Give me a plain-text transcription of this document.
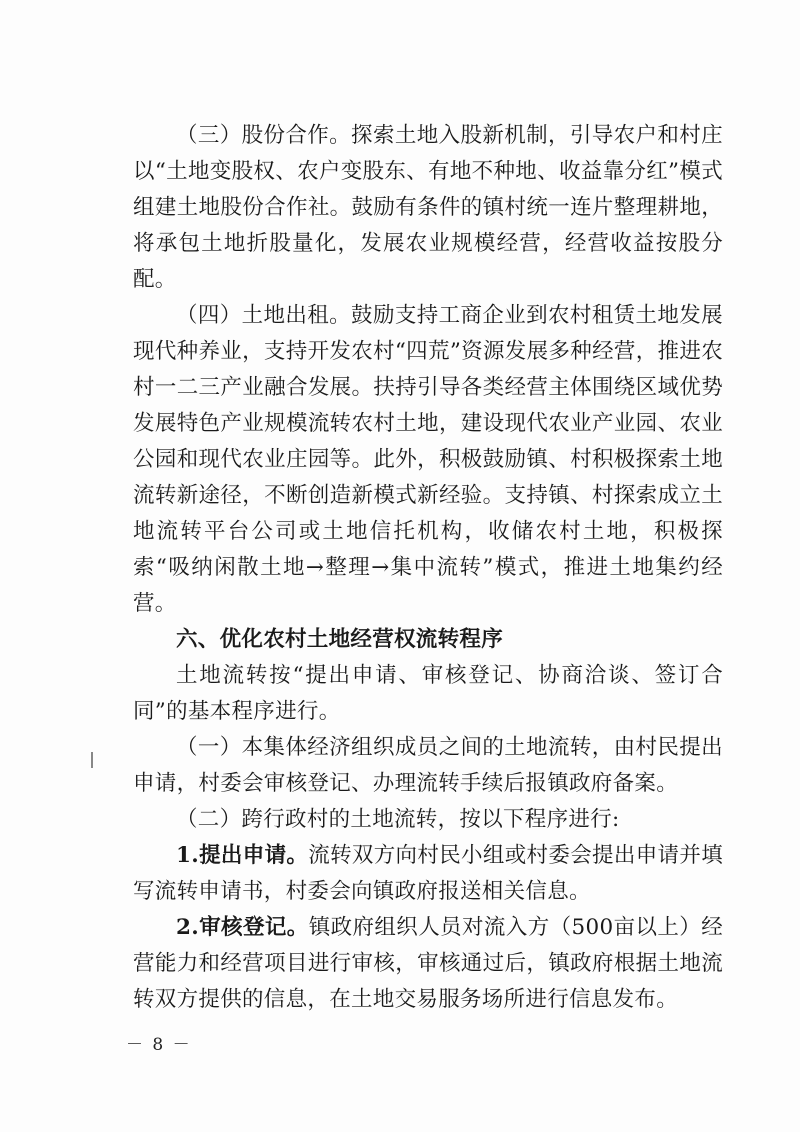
（三）股份合作。探索土地入股新机制，引导农户和村庄以“土地变股权、农户变股东、有地不种地、收益靠分红”模式组建土地股份合作社。鼓励有条件的镇村统一连片整理耕地，将承包土地折股量化，发展农业规模经营，经营收益按股分配。

（四）土地出租。鼓励支持工商企业到农村租赁土地发展现代种养业，支持开发农村“四荒”资源发展多种经营，推进农村一二三产业融合发展。扶持引导各类经营主体围绕区域优势发展特色产业规模流转农村土地，建设现代农业产业园、农业公园和现代农业庄园等。此外，积极鼓励镇、村积极探索土地流转新途径，不断创造新模式新经验。支持镇、村探索成立土地流转平台公司或土地信托机构，收储农村土地，积极探索“吸纳闲散土地→整理→集中流转”模式，推进土地集约经营。

六、优化农村土地经营权流转程序

土地流转按“提出申请、审核登记、协商洽谈、签订合同”的基本程序进行。

（一）本集体经济组织成员之间的土地流转，由村民提出申请，村委会审核登记、办理流转手续后报镇政府备案。

（二）跨行政村的土地流转，按以下程序进行:

1.提出申请。流转双方向村民小组或村委会提出申请并填写流转申请书，村委会向镇政府报送相关信息。

2.审核登记。镇政府组织人员对流入方（500亩以上）经营能力和经营项目进行审核，审核通过后，镇政府根据土地流转双方提供的信息，在土地交易服务场所进行信息发布。

－ 8 －
